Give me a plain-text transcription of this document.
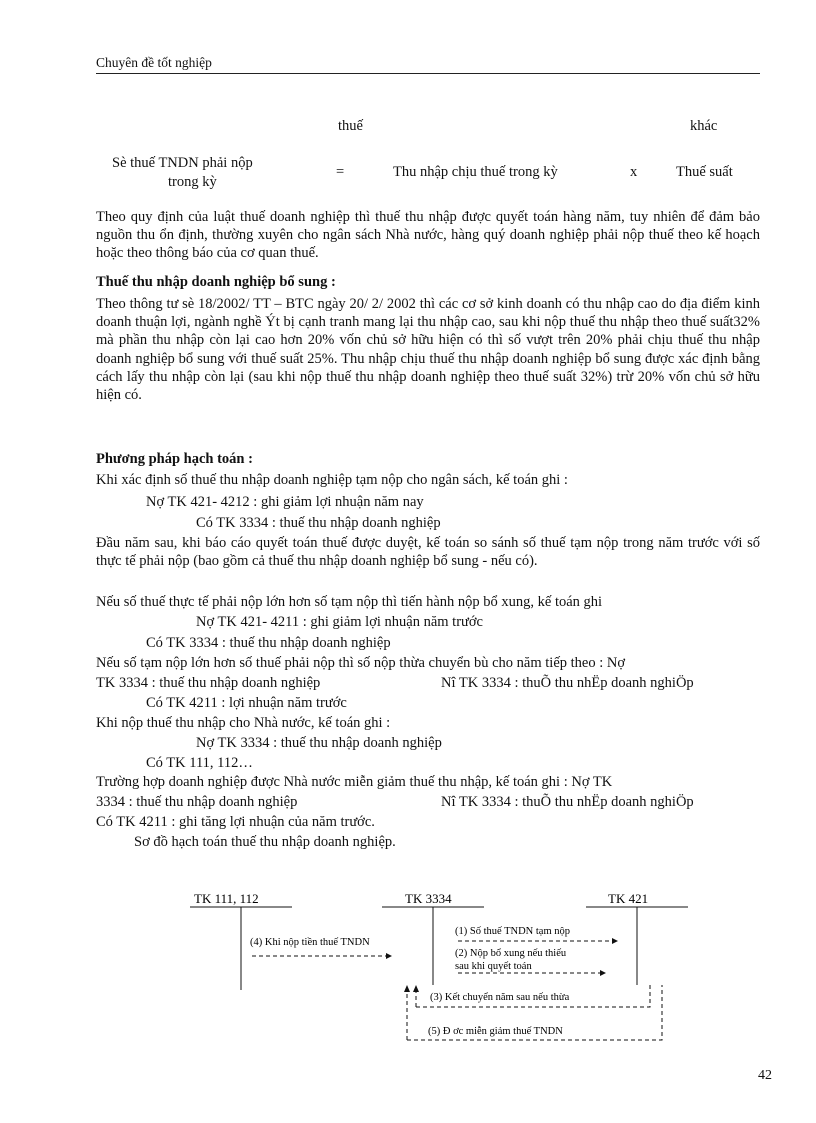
Chuyên đề tốt nghiệp
thuế	khác
Sè thuế TNDN phải nộp
trong kỳ
=	Thu nhập chịu thuế trong kỳ	x	Thuế suất
Theo quy định của luật thuế doanh nghiệp thì thuế thu nhập được quyết toán hàng năm, tuy nhiên để đảm bảo nguồn thu ổn định, thường xuyên cho ngân sách Nhà nước, hàng quý doanh nghiệp phải nộp thuế theo kế hoạch hoặc theo thông báo của cơ quan thuế.
Thuế thu nhập doanh nghiệp bổ sung :
Theo thông tư sè 18/2002/ TT – BTC ngày 20/ 2/ 2002 thì các cơ sở kinh doanh có thu nhập cao do địa điểm kinh doanh thuận lợi, ngành nghề Ýt bị cạnh tranh mang lại thu nhập cao, sau khi nộp thuế thu nhập theo thuế suất32% mà phần thu nhập còn lại cao hơn 20% vốn chủ sở hữu hiện có thì số vượt trên 20% phải chịu thuế thu nhập doanh nghiệp bổ sung với thuế suất 25%. Thu nhập chịu thuế thu nhập doanh nghiệp bổ sung được xác định bằng cách lấy thu nhập còn lại (sau khi nộp thuế thu nhập doanh nghiệp theo thuế suất 32%) trừ 20% vốn chủ sở hữu hiện có.
Phương pháp hạch toán :
Khi xác định số thuế thu nhập doanh nghiệp tạm nộp cho ngân sách, kế toán ghi :
Nợ TK 421- 4212 : ghi giảm lợi nhuận năm nay
Có TK 3334 : thuế thu nhập doanh nghiệp
Đầu năm sau, khi báo cáo quyết toán thuế được duyệt, kế toán so sánh số thuế tạm nộp trong năm trước với số thực tế phải nộp (bao gồm cả thuế thu nhập doanh nghiệp bổ sung - nếu có).
Nếu số thuế thực tế phải nộp lớn hơn số tạm nộp thì tiến hành nộp bổ xung, kế toán ghi
Nợ TK 421- 4211 : ghi giảm lợi nhuận năm trước
Có TK 3334 : thuế thu nhập doanh nghiệp
Nếu số tạm nộp lớn hơn số thuế phải nộp thì số nộp thừa chuyển bù cho năm tiếp theo : Nợ
TK 3334 : thuế thu nhập doanh nghiệp	Nî TK 3334 : thuÕ thu nhËp doanh nghiÖp
Có TK 4211 : lợi nhuận năm trước
Khi nộp thuế thu nhập cho Nhà nước, kế toán ghi :
Nợ TK 3334 : thuế thu nhập doanh nghiệp
Có TK 111, 112…
Trường hợp doanh nghiệp được Nhà nước miễn giảm thuế thu nhập, kế toán ghi : Nợ TK
3334 : thuế thu nhập doanh nghiệp	Nî TK 3334 : thuÕ thu nhËp doanh nghiÖp
Có TK 4211 : ghi tăng lợi nhuận của năm trước.
Sơ đồ hạch toán thuế thu nhập doanh nghiệp.
TK 111, 112	TK 3334	TK 421
(1) Số thuế TNDN tạm nộp
(2) Nộp bổ xung nếu thiếu
sau khi quyết toán
(4) Khi nộp tiền thuế TNDN
(3) Kết chuyển năm sau nếu thừa
(5) Đ ơc miễn giảm thuế TNDN
42
